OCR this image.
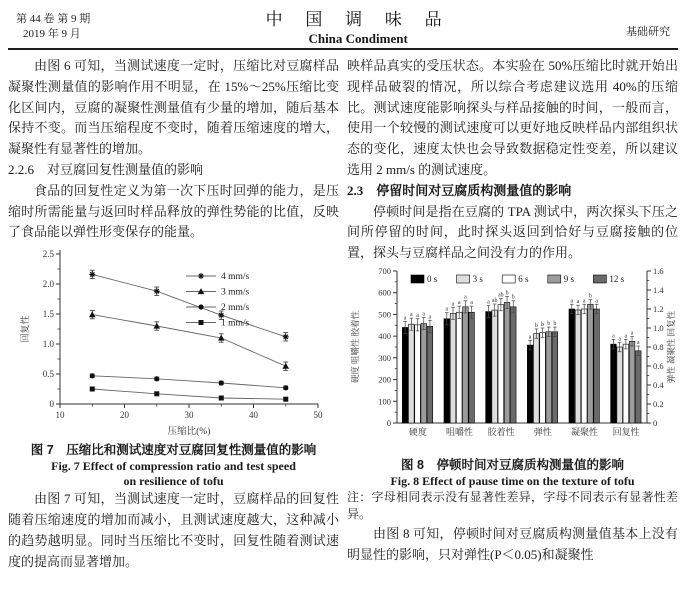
第 44 卷 第 9 期
2019 年 9 月
中 国 调 味 品
China Condiment	基础研究

由图 6 可知，当测试速度一定时，压缩比对豆腐样品凝聚性测量值的影响作用不明显，在 15%～25%压缩比变化区间内，豆腐的凝聚性测量值有少量的增加，随后基本保持不变。而当压缩程度不变时，随着压缩速度的增大，凝聚性有显著性的增加。

2.2.6　对豆腐回复性测量值的影响

食品的回复性定义为第一次下压时回弹的能力，是压缩时所需能量与返回时样品释放的弹性势能的比值，反映了食品能以弹性形变保存的能量。

10	20	30	40	50
0
0.5
1.0
1.5
2.0
2.5
回复性
压缩比(%)
4 mm/s
3 mm/s
2 mm/s
1 mm/s
图 7　压缩比和测试速度对豆腐回复性测量值的影响
Fig. 7 Effect of compression ratio and test speed
on resilience of tofu

由图 7 可知，当测试速度一定时，豆腐样品的回复性随着压缩速度的增加而减小，且测试速度越大，这种减小的趋势越明显。同时当压缩比不变时，回复性随着测试速度的提高而显著增加。

映样品真实的受压状态。本实验在 50%压缩比时就开始出现样品破裂的情况，所以综合考虑建议选用 40%的压缩比。测试速度能影响探头与样品接触的时间，一般而言，使用一个较慢的测试速度可以更好地反映样品内部组织状态的变化，速度太快也会导致数据稳定性变差，所以建议选用 2 mm/s 的测试速度。

2.3　停留时间对豆腐质构测量值的影响

停顿时间是指在豆腐的 TPA 测试中，两次探头下压之间所停留的时间，此时探头返回到恰好与豆腐接触的位置，探头与豆腐样品之间没有力的作用。

0
100
200
300
400
500
600
700
0
0.2
0.4
0.6
0.8
1.0
1.2
1.4
1.6
硬度 咀嚼性 胶着性	弹性 凝聚性 回复性
硬度
a
a a a a
咀嚼性
a
a a
a
a
胶着性
a ab
ab b
b
弹性
a
b b b b
凝聚性
a a a
b
a
回复性
a a a a
a
0 s	3 s	6 s	9 s	12 s
图 8　停顿时间对豆腐质构测量值的影响
Fig. 8 Effect of pause time on the texture of tofu
注：字母相同表示没有显著性差异，字母不同表示有显著性差异。

由图 8 可知，停顿时间对豆腐质构测量值基本上没有明显性的影响，只对弹性(P＜0.05)和凝聚性
